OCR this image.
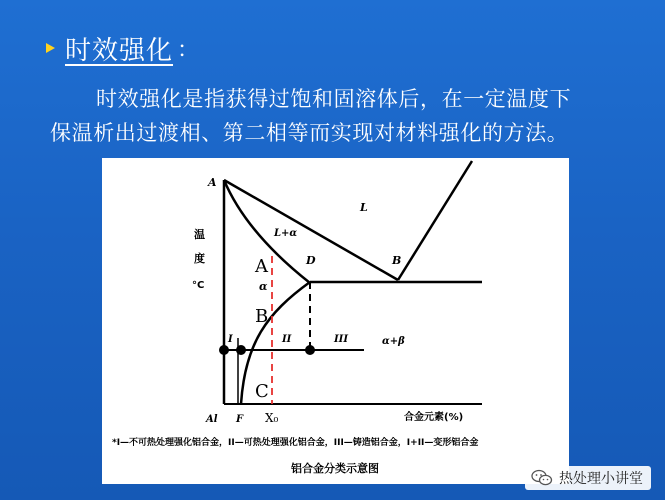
时效强化 ：
时效强化是指获得过饱和固溶体后，在一定温度下
保温析出过渡相、第二相等而实现对材料强化的方法。
温
度
°C
A
B
D
L
L+α
α
α+β
A
B
C
I	II	III
Al F X₀	合金元素(%)
*I—不可热处理强化铝合金，II—可热处理强化铝合金，III—铸造铝合金，I+II—变形铝合金
铝合金分类示意图
热处理小讲堂
